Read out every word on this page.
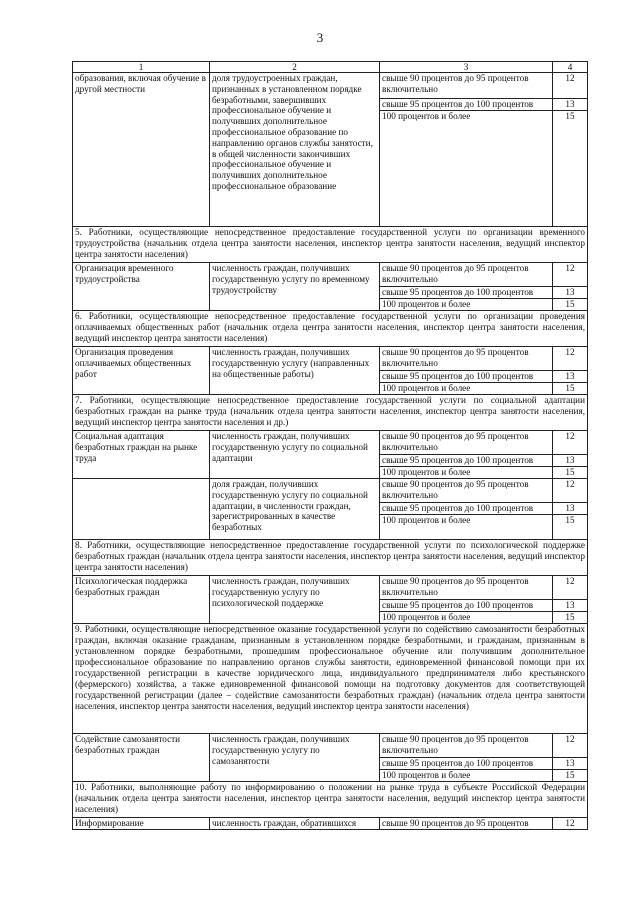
3
1	2	3	4
образования, включая обучение в другой местности	доля трудоустроенных граждан, признанных в установленном порядке безработными, завершивших профессиональное обучение и получивших дополнительное профессиональное образование по направлению органов службы занятости, в общей численности закончивших профессиональное обучение и получивших дополнительное профессиональное образование	свыше 90 процентов до 95 процентов включительно	12
		свыше 95 процентов до 100 процентов	13
		100 процентов и более	15
5. Работники, осуществляющие непосредственное предоставление государственной услуги по организации временного трудоустройства (начальник отдела центра занятости населения, инспектор центра занятости населения, ведущий инспектор центра занятости населения)			
Организация временного трудоустройства	численность граждан, получивших государственную услугу по временному трудоустройству	свыше 90 процентов до 95 процентов включительно	12
		свыше 95 процентов до 100 процентов	13
		100 процентов и более	15
6. Работники, осуществляющие непосредственное предоставление государственной услуги по организации проведения оплачиваемых общественных работ (начальник отдела центра занятости населения, инспектор центра занятости населения, ведущий инспектор центра занятости населения)			
Организация проведения оплачиваемых общественных работ	численность граждан, получивших государственную услугу (направленных на общественные работы)	свыше 90 процентов до 95 процентов включительно	12
		свыше 95 процентов до 100 процентов	13
		100 процентов и более	15
7. Работники, осуществляющие непосредственное предоставление государственной услуги по социальной адаптации безработных граждан на рынке труда (начальник отдела центра занятости населения, инспектор центра занятости населения, ведущий инспектор центра занятости населения и др.)			
Социальная адаптация безработных граждан на рынке труда	численность граждан, получивших государственную услугу по социальной адаптации	свыше 90 процентов до 95 процентов включительно	12
		свыше 95 процентов до 100 процентов	13
		100 процентов и более	15
	доля граждан, получивших государственную услугу по социальной адаптации, в численности граждан, зарегистрированных в качестве безработных	свыше 90 процентов до 95 процентов включительно	12
		свыше 95 процентов до 100 процентов	13
		100 процентов и более	15
8. Работники, осуществляющие непосредственное предоставление государственной услуги по психологической поддержке безработных граждан (начальник отдела центра занятости населения, инспектор центра занятости населения, ведущий инспектор центра занятости населения)			
Психологическая поддержка безработных граждан	численность граждан, получивших государственную услугу по психологической поддержке	свыше 90 процентов до 95 процентов включительно	12
		свыше 95 процентов до 100 процентов	13
		100 процентов и более	15
9. Работники, осуществляющие непосредственное оказание государственной услуги по содействию самозанятости безработных граждан, включая оказание гражданам, признанным в установленном порядке безработными, и гражданам, признанным в установленном порядке безработными, прошедшим профессиональное обучение или получившим дополнительное профессиональное образование по направлению органов службы занятости, единовременной финансовой помощи при их государственной регистрации в качестве юридического лица, индивидуального предпринимателя либо крестьянского (фермерского) хозяйства, а также единовременной финансовой помощи на подготовку документов для соответствующей государственной регистрации (далее – содействие самозанятости безработных граждан) (начальник отдела центра занятости населения, инспектор центра занятости населения, ведущий инспектор центра занятости населения)			
Содействие самозанятости безработных граждан	численность граждан, получивших государственную услугу по самозанятости	свыше 90 процентов до 95 процентов включительно	12
		свыше 95 процентов до 100 процентов	13
		100 процентов и более	15
10. Работники, выполняющие работу по информированию о положении на рынке труда в субъекте Российской Федерации (начальник отдела центра занятости населения, инспектор центра занятости населения, ведущий инспектор центра занятости населения)			
Информирование	численность граждан, обратившихся	свыше 90 процентов до 95 процентов	12
